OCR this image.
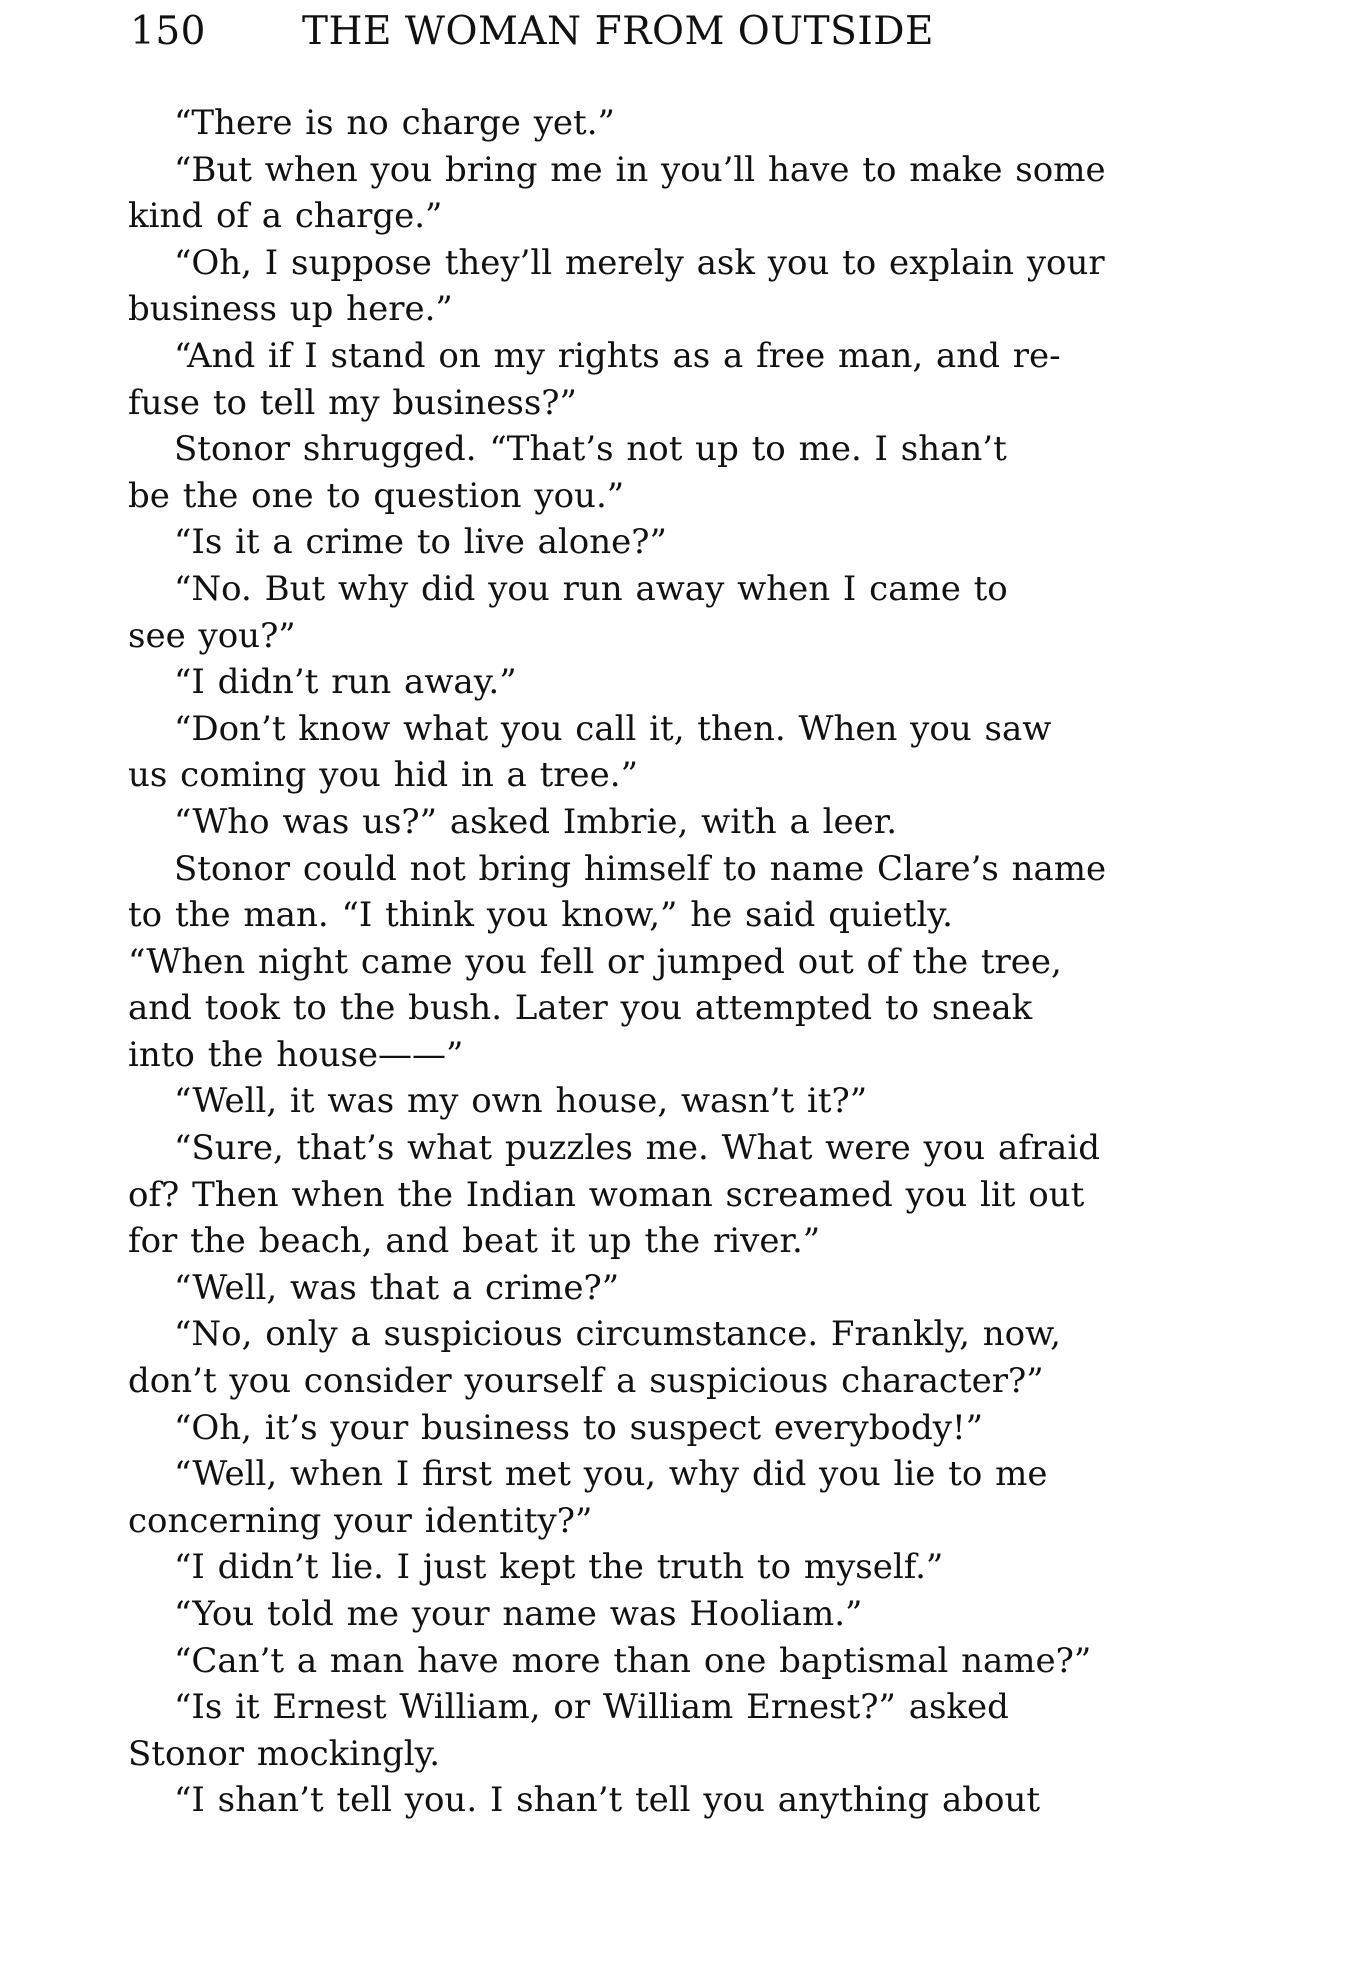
150 THE WOMAN FROM OUTSIDE
“There is no charge yet.”
“But when you bring me in you’ll have to make some
kind of a charge.”
“Oh, I suppose they’ll merely ask you to explain your
business up here.”
“And if I stand on my rights as a free man, and re-
fuse to tell my business?”
Stonor shrugged. “That’s not up to me. I shan’t
be the one to question you.”
“Is it a crime to live alone?”
“No. But why did you run away when I came to
see you?”
“I didn’t run away.”
“Don’t know what you call it, then. When you saw
us coming you hid in a tree.”
“Who was us?” asked Imbrie, with a leer.
Stonor could not bring himself to name Clare’s name
to the man. “I think you know,” he said quietly.
“When night came you fell or jumped out of the tree,
and took to the bush. Later you attempted to sneak
into the house——”
“Well, it was my own house, wasn’t it?”
“Sure, that’s what puzzles me. What were you afraid
of? Then when the Indian woman screamed you lit out
for the beach, and beat it up the river.”
“Well, was that a crime?”
“No, only a suspicious circumstance. Frankly, now,
don’t you consider yourself a suspicious character?”
“Oh, it’s your business to suspect everybody!”
“Well, when I first met you, why did you lie to me
concerning your identity?”
“I didn’t lie. I just kept the truth to myself.”
“You told me your name was Hooliam.”
“Can’t a man have more than one baptismal name?”
“Is it Ernest William, or William Ernest?” asked
Stonor mockingly.
“I shan’t tell you. I shan’t tell you anything about
